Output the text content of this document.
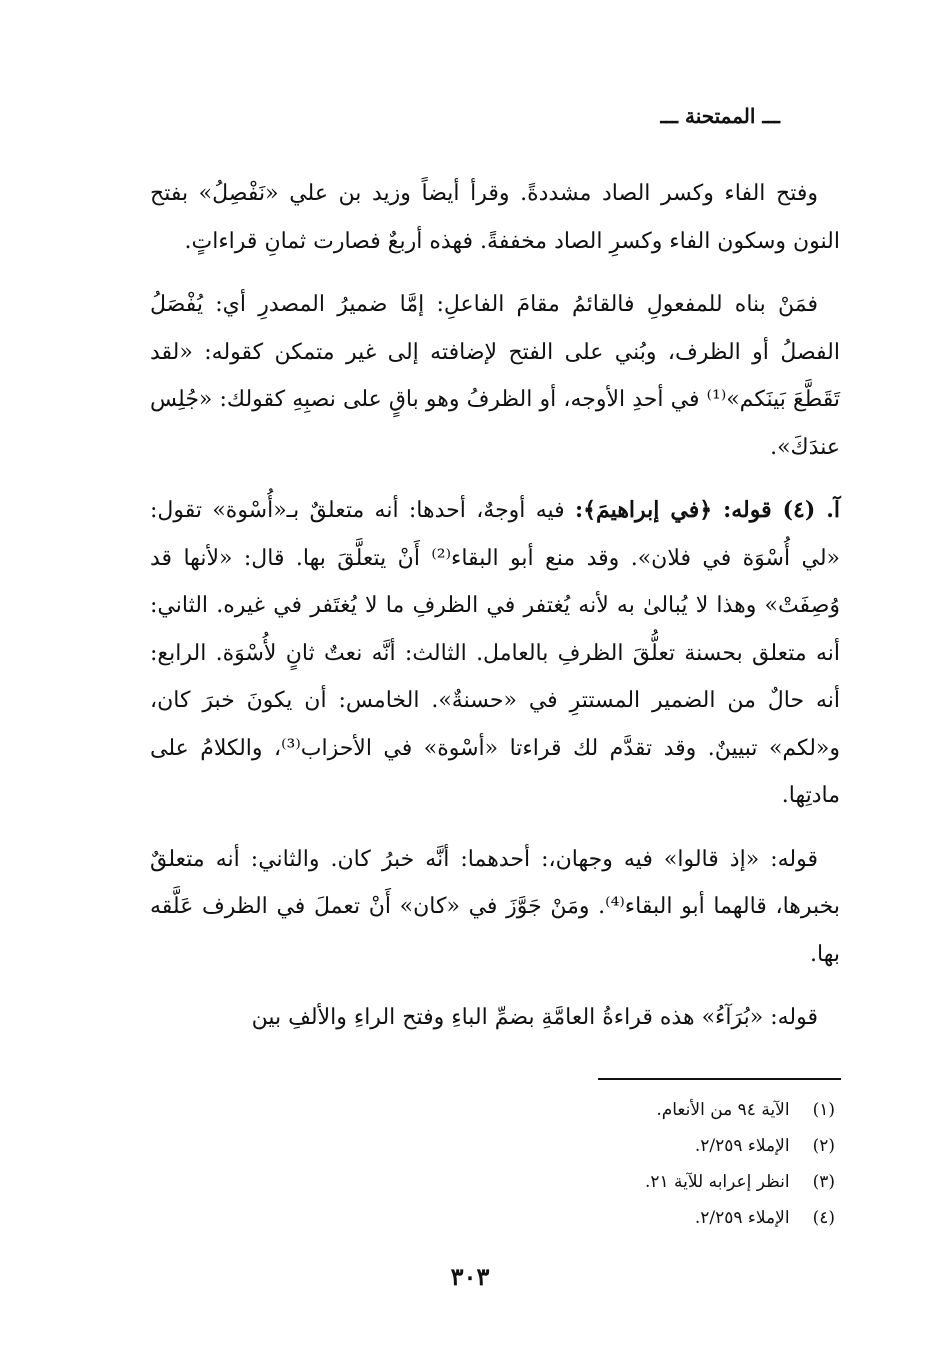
ـــ الممتحنة ـــ

وفتح الفاء وكسر الصاد مشددةً. وقرأ أيضاً وزيد بن علي «نَفْصِلُ» بفتح النون وسكون الفاء وكسرِ الصاد مخففةً. فهذه أربعٌ فصارت ثمانِ قراءاتٍ.

فمَنْ بناه للمفعولِ فالقائمُ مقامَ الفاعلِ: إمَّا ضميرُ المصدرِ أي: يُفْصَلُ الفصلُ أو الظرف، وبُني على الفتح لإضافته إلى غير متمكن كقوله: «لقد تَقَطَّعَ بَينَكم»⁽¹⁾ في أحدِ الأوجه، أو الظرفُ وهو باقٍ على نصبِهِ كقولك: «جُلِس عندَكَ».

آ. (٤) قوله: ﴿في إبراهيمَ﴾: فيه أوجهٌ، أحدها: أنه متعلقٌ بـ«أُسْوة» تقول: «لي أُسْوَة في فلان». وقد منع أبو البقاء⁽²⁾ أَنْ يتعلَّقَ بها. قال: «لأنها قد وُصِفَتْ» وهذا لا يُبالىٰ به لأنه يُغتفر في الظرفِ ما لا يُغتَفر في غيره. الثاني: أنه متعلق بحسنة تعلُّقَ الظرفِ بالعامل. الثالث: أنَّه نعتٌ ثانٍ لأُسْوَة. الرابع: أنه حالٌ من الضمير المستترِ في «حسنةٌ». الخامس: أن يكونَ خبرَ كان، و«لكم» تبيينٌ. وقد تقدَّم لك قراءتا «أسْوة» في الأحزاب⁽³⁾، والكلامُ على مادتِها.

قوله: «إذ قالوا» فيه وجهان،: أحدهما: أنَّه خبرُ كان. والثاني: أنه متعلقٌ بخبرها، قالهما أبو البقاء⁽⁴⁾. ومَنْ جَوَّزَ في «كان» أَنْ تعملَ في الظرف عَلَّقه بها.

قوله: «بُرَآءُ» هذه قراءةُ العامَّةِ بضمِّ الباءِ وفتح الراءِ والألفِ بين

(١) الآية ٩٤ من الأنعام.
(٢) الإملاء ٢/٢٥٩.
(٣) انظر إعرابه للآية ٢١.
(٤) الإملاء ٢/٢٥٩.
٣٠٣
